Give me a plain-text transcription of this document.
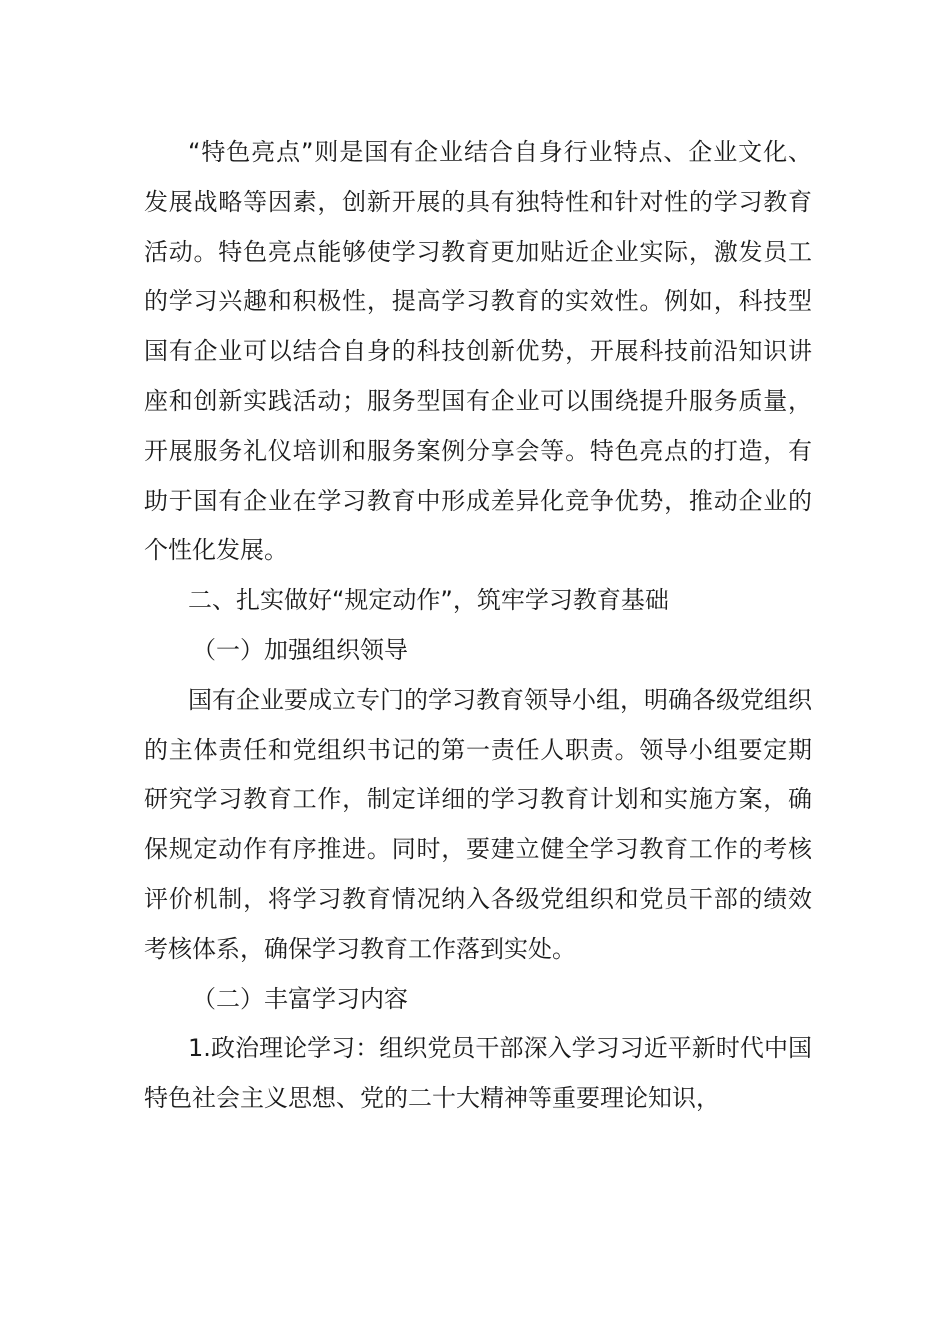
“特色亮点”则是国有企业结合自身行业特点、企业文化、发展战略等因素，创新开展的具有独特性和针对性的学习教育活动。特色亮点能够使学习教育更加贴近企业实际，激发员工的学习兴趣和积极性，提高学习教育的实效性。例如，科技型国有企业可以结合自身的科技创新优势，开展科技前沿知识讲座和创新实践活动；服务型国有企业可以围绕提升服务质量，开展服务礼仪培训和服务案例分享会等。特色亮点的打造，有助于国有企业在学习教育中形成差异化竞争优势，推动企业的个性化发展。

二、扎实做好“规定动作”，筑牢学习教育基础

（一）加强组织领导

国有企业要成立专门的学习教育领导小组，明确各级党组织的主体责任和党组织书记的第一责任人职责。领导小组要定期研究学习教育工作，制定详细的学习教育计划和实施方案，确保规定动作有序推进。同时，要建立健全学习教育工作的考核评价机制，将学习教育情况纳入各级党组织和党员干部的绩效考核体系，确保学习教育工作落到实处。

（二）丰富学习内容

1.政治理论学习：组织党员干部深入学习习近平新时代中国特色社会主义思想、党的二十大精神等重要理论知识，
